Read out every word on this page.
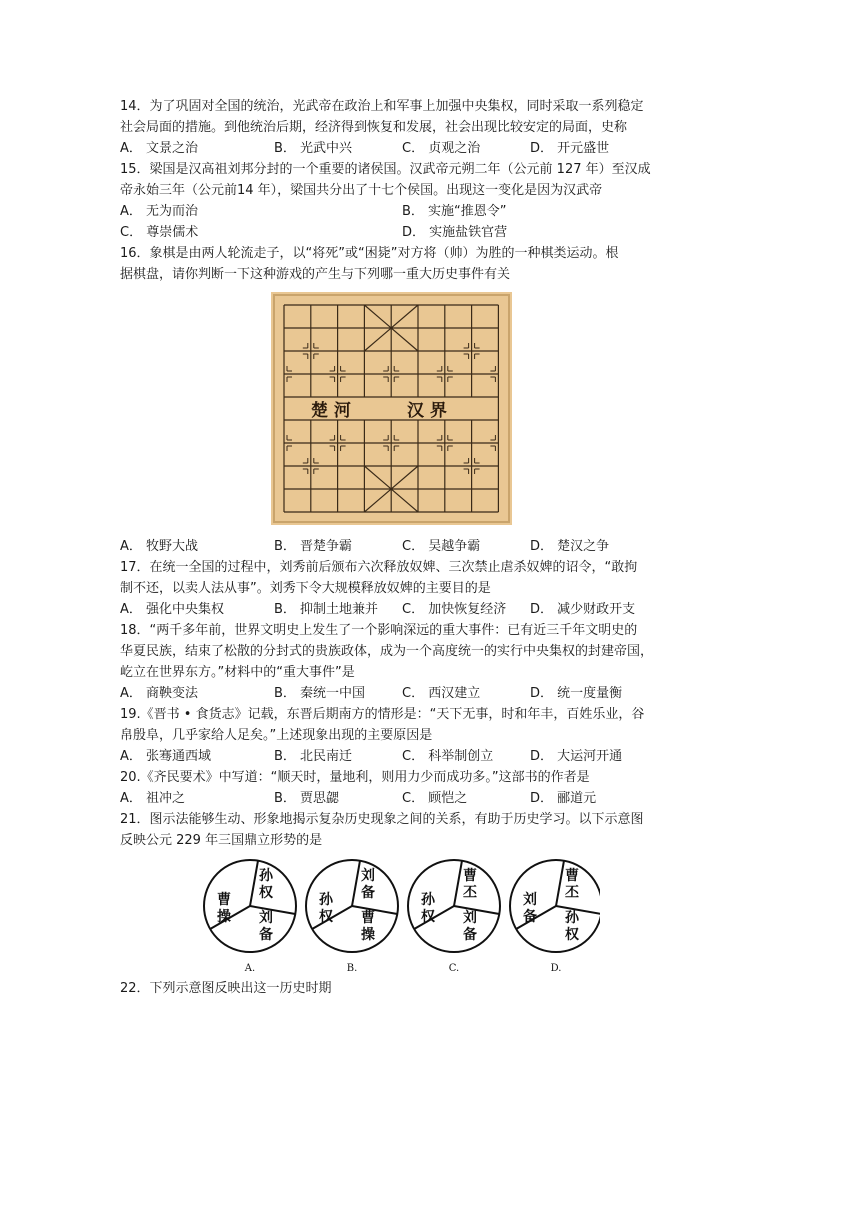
14．为了巩固对全国的统治，光武帝在政治上和军事上加强中央集权，同时采取一系列稳定
社会局面的措施。到他统治后期，经济得到恢复和发展，社会出现比较安定的局面，史称
A． 文景之治	B． 光武中兴	C． 贞观之治	D． 开元盛世
15．梁国是汉高祖刘邦分封的一个重要的诸侯国。汉武帝元朔二年（公元前 127 年）至汉成
帝永始三年（公元前14 年），梁国共分出了十七个侯国。出现这一变化是因为汉武帝
A． 无为而治	B． 实施“推恩令”
C． 尊崇儒术	D． 实施盐铁官营
16．象棋是由两人轮流走子，以“将死”或“困毙”对方将（帅）为胜的一种棋类运动。根
据棋盘，请你判断一下这种游戏的产生与下列哪一重大历史事件有关
楚 河	汉 界
A． 牧野大战	B． 晋楚争霸	C． 吴越争霸	D． 楚汉之争
17．在统一全国的过程中，刘秀前后颁布六次释放奴婢、三次禁止虐杀奴婢的诏令，“敢拘
制不还，以卖人法从事”。刘秀下令大规模释放奴婢的主要目的是
A． 强化中央集权	B． 抑制土地兼并 C． 加快恢复经济 D． 减少财政开支
18．“两千多年前，世界文明史上发生了一个影响深远的重大事件：已有近三千年文明史的
华夏民族，结束了松散的分封式的贵族政体，成为一个高度统一的实行中央集权的封建帝国，
屹立在世界东方。”材料中的“重大事件”是
A． 商鞅变法	B． 秦统一中国	C． 西汉建立	D． 统一度量衡
19.《晋书 • 食货志》记载，东晋后期南方的情形是：“天下无事，时和年丰，百姓乐业，谷
帛殷阜，几乎家给人足矣。”上述现象出现的主要原因是
A． 张骞通西域	B． 北民南迁	C． 科举制创立	D． 大运河开通
20.《齐民要术》中写道：“顺天时，量地利，则用力少而成功多。”这部书的作者是
A． 祖冲之	B． 贾思勰	C． 顾恺之	D． 郦道元
21．图示法能够生动、形象地揭示复杂历史现象之间的关系，有助于历史学习。以下示意图
反映公元 229 年三国鼎立形势的是
曹操
孙权
刘备
A.
孙权
刘备
曹操
B.
孙权
曹丕
刘备
C.
刘备
曹丕
孙权
D.
22．下列示意图反映出这一历史时期
